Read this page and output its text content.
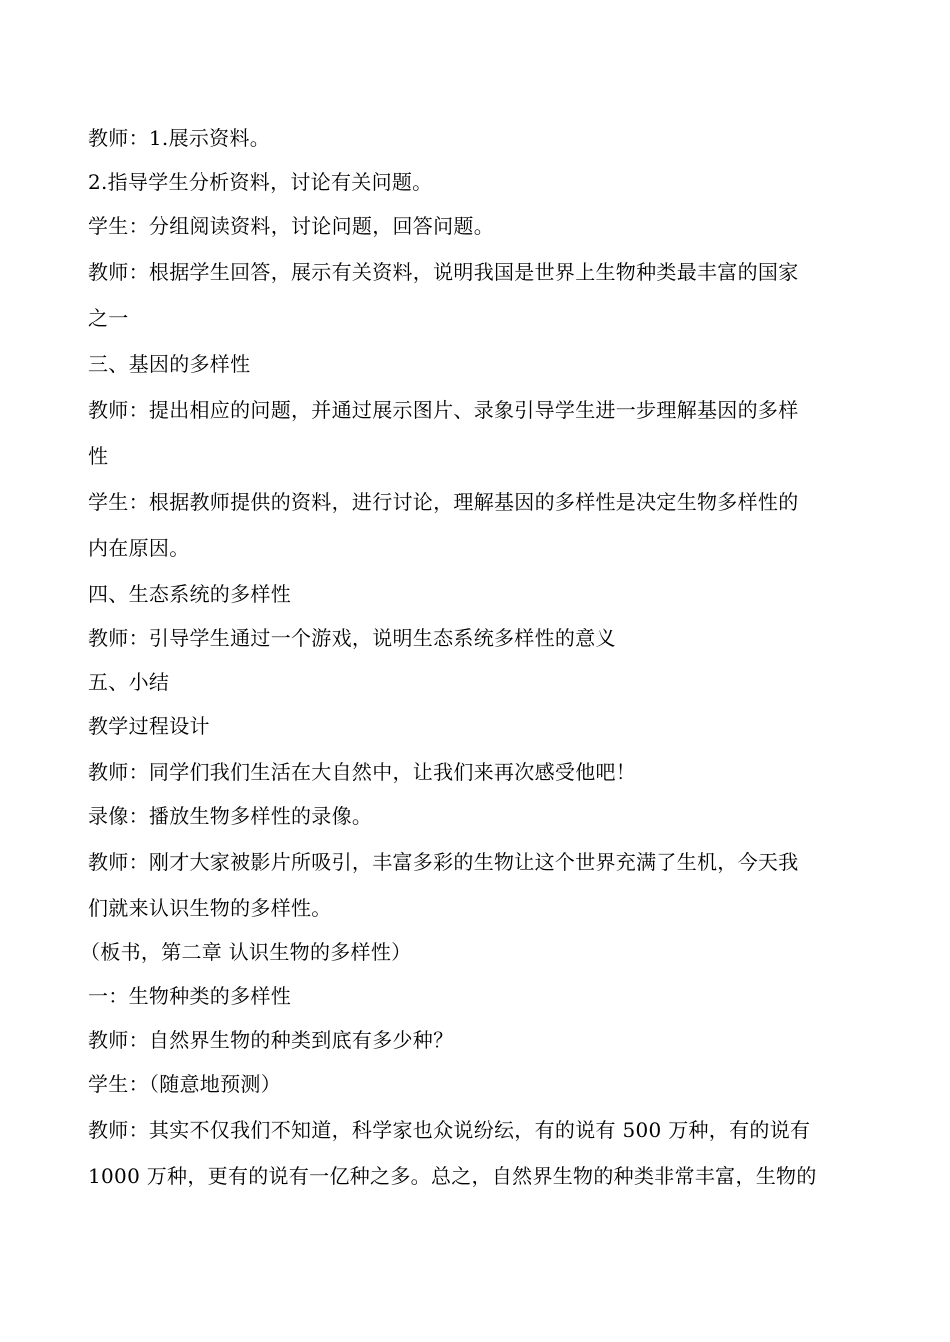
教师：1.展示资料。
2.指导学生分析资料，讨论有关问题。
学生：分组阅读资料，讨论问题，回答问题。
教师：根据学生回答，展示有关资料，说明我国是世界上生物种类最丰富的国家
之一
三、基因的多样性
教师：提出相应的问题，并通过展示图片、录象引导学生进一步理解基因的多样
性
学生：根据教师提供的资料，进行讨论，理解基因的多样性是决定生物多样性的
内在原因。
四、生态系统的多样性
教师：引导学生通过一个游戏，说明生态系统多样性的意义
五、小结
教学过程设计
教师：同学们我们生活在大自然中，让我们来再次感受他吧！
录像：播放生物多样性的录像。
教师：刚才大家被影片所吸引，丰富多彩的生物让这个世界充满了生机，今天我
们就来认识生物的多样性。
（板书，第二章 认识生物的多样性）
一：生物种类的多样性
教师：自然界生物的种类到底有多少种？
学生：（随意地预测）
教师：其实不仅我们不知道，科学家也众说纷纭，有的说有 500 万种，有的说有
1000 万种，更有的说有一亿种之多。总之，自然界生物的种类非常丰富，生物的
